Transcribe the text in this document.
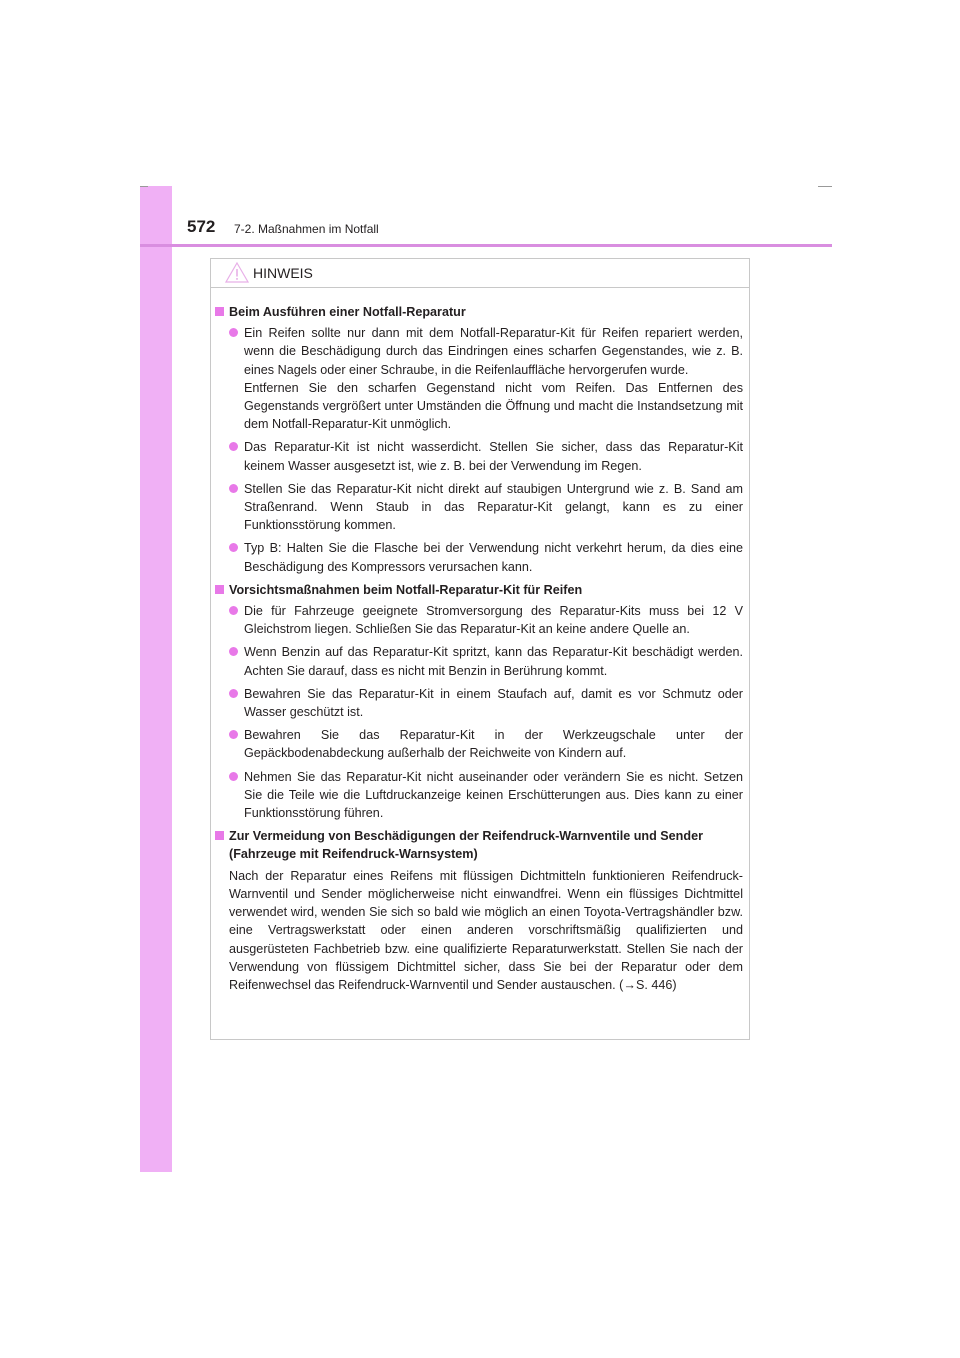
572 7-2. Maßnahmen im Notfall
HINWEIS
Beim Ausführen einer Notfall-Reparatur
Ein Reifen sollte nur dann mit dem Notfall-Reparatur-Kit für Reifen repariert werden, wenn die Beschädigung durch das Eindringen eines scharfen Gegenstandes, wie z. B. eines Nagels oder einer Schraube, in die Reifenlauffläche hervorgerufen wurde.
Entfernen Sie den scharfen Gegenstand nicht vom Reifen. Das Entfernen des Gegenstands vergrößert unter Umständen die Öffnung und macht die Instandsetzung mit dem Notfall-Reparatur-Kit unmöglich.
Das Reparatur-Kit ist nicht wasserdicht. Stellen Sie sicher, dass das Reparatur-Kit keinem Wasser ausgesetzt ist, wie z. B. bei der Verwendung im Regen.
Stellen Sie das Reparatur-Kit nicht direkt auf staubigen Untergrund wie z. B. Sand am Straßenrand. Wenn Staub in das Reparatur-Kit gelangt, kann es zu einer Funktionsstörung kommen.
Typ B: Halten Sie die Flasche bei der Verwendung nicht verkehrt herum, da dies eine Beschädigung des Kompressors verursachen kann.
Vorsichtsmaßnahmen beim Notfall-Reparatur-Kit für Reifen
Die für Fahrzeuge geeignete Stromversorgung des Reparatur-Kits muss bei 12 V Gleichstrom liegen. Schließen Sie das Reparatur-Kit an keine andere Quelle an.
Wenn Benzin auf das Reparatur-Kit spritzt, kann das Reparatur-Kit beschädigt werden. Achten Sie darauf, dass es nicht mit Benzin in Berührung kommt.
Bewahren Sie das Reparatur-Kit in einem Staufach auf, damit es vor Schmutz oder Wasser geschützt ist.
Bewahren Sie das Reparatur-Kit in der Werkzeugschale unter der Gepäckbodenabdeckung außerhalb der Reichweite von Kindern auf.
Nehmen Sie das Reparatur-Kit nicht auseinander oder verändern Sie es nicht. Setzen Sie die Teile wie die Luftdruckanzeige keinen Erschütterungen aus. Dies kann zu einer Funktionsstörung führen.
Zur Vermeidung von Beschädigungen der Reifendruck-Warnventile und Sender (Fahrzeuge mit Reifendruck-Warnsystem)
Nach der Reparatur eines Reifens mit flüssigen Dichtmitteln funktionieren Reifendruck-Warnventil und Sender möglicherweise nicht einwandfrei. Wenn ein flüssiges Dichtmittel verwendet wird, wenden Sie sich so bald wie möglich an einen Toyota-Vertragshändler bzw. eine Vertragswerkstatt oder einen anderen vorschriftsmäßig qualifizierten und ausgerüsteten Fachbetrieb bzw. eine qualifizierte Reparaturwerkstatt. Stellen Sie nach der Verwendung von flüssigem Dichtmittel sicher, dass Sie bei der Reparatur oder dem Reifenwechsel das Reifendruck-Warnventil und Sender austauschen. (→S. 446)
